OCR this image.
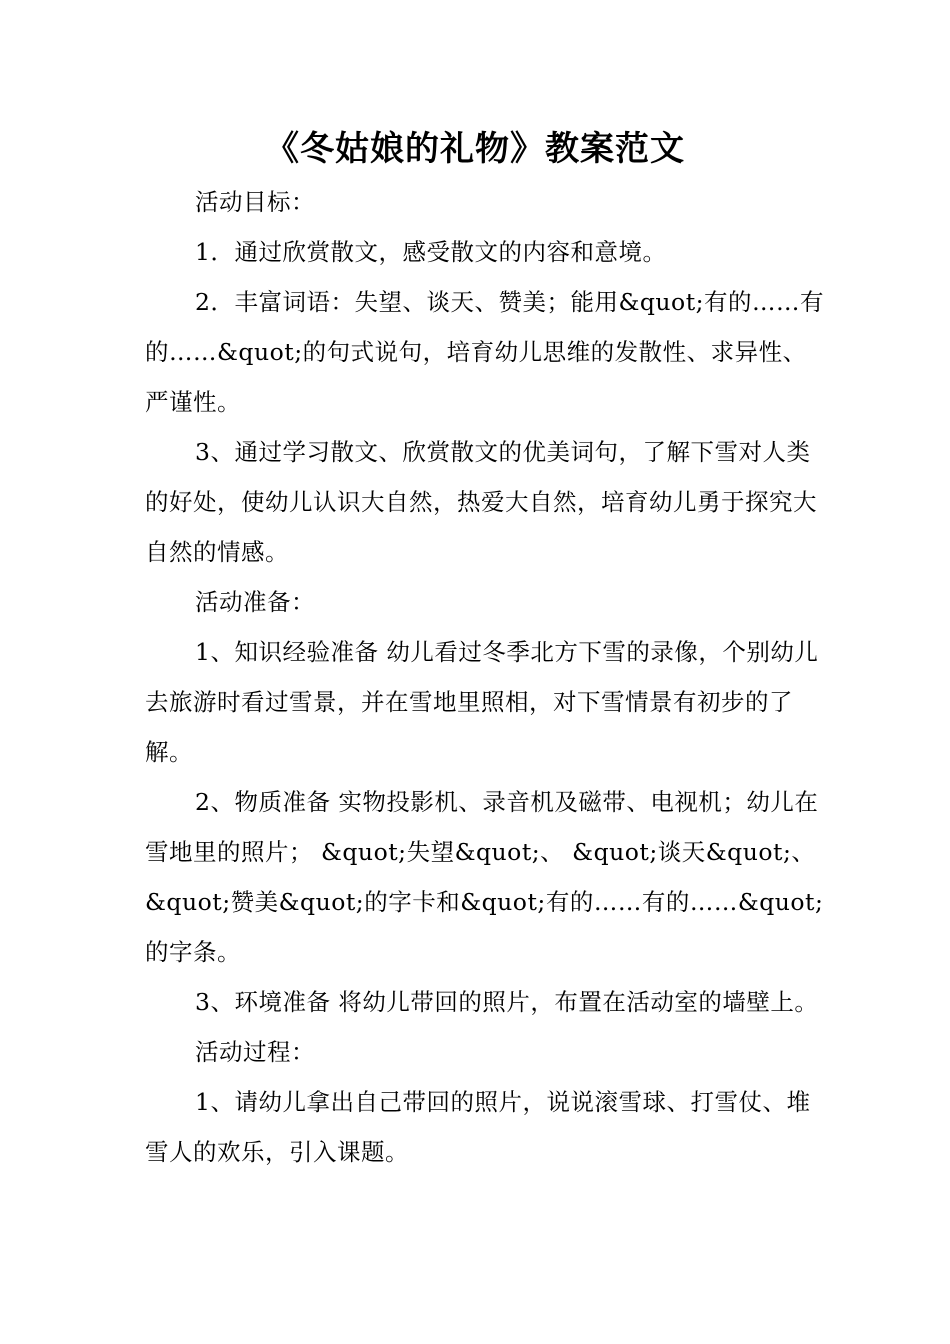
《冬姑娘的礼物》教案范文

活动目标：

1．通过欣赏散文，感受散文的内容和意境。

2．丰富词语：失望、谈天、赞美；能用&quot;有的……有的……&quot;的句式说句，培育幼儿思维的发散性、求异性、严谨性。

3、通过学习散文、欣赏散文的优美词句，了解下雪对人类的好处，使幼儿认识大自然，热爱大自然，培育幼儿勇于探究大自然的情感。

活动准备：

1、知识经验准备 幼儿看过冬季北方下雪的录像，个别幼儿去旅游时看过雪景，并在雪地里照相，对下雪情景有初步的了解。

2、物质准备 实物投影机、录音机及磁带、电视机；幼儿在雪地里的照片； &quot;失望&quot;、 &quot;谈天&quot;、 &quot;赞美&quot;的字卡和&quot;有的……有的……&quot;的字条。

3、环境准备 将幼儿带回的照片，布置在活动室的墙壁上。

活动过程：

1、请幼儿拿出自己带回的照片，说说滚雪球、打雪仗、堆雪人的欢乐，引入课题。
